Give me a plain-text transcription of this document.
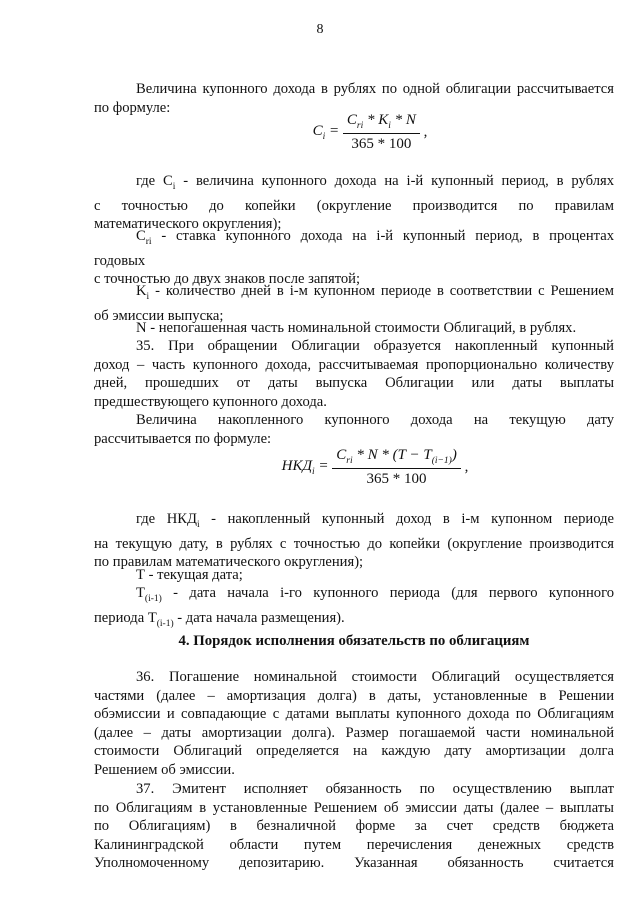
8

Величина купонного дохода в рублях по одной облигации рассчитывается

по формуле:

$C_i = \frac{C_{ri} * K_i * N}{365 * 100}$ ,

где $C_i$ - величина купонного дохода на i-й купонный период, в рублях

с точностью до копейки (округление производится по правилам

математического округления);

$C_{ri}$ - ставка купонного дохода на i-й купонный период, в процентах

годовых

с точностью до двух знаков после запятой;

$K_i$ - количество дней в i-м купонном периоде в соответствии с Решением

об эмиссии выпуска;

N - непогашенная часть номинальной стоимости Облигаций, в рублях.

35. При обращении Облигации образуется накопленный купонный

доход – часть купонного дохода, рассчитываемая пропорционально количеству

дней, прошедших от даты выпуска Облигации или даты выплаты

предшествующего купонного дохода.

Величина накопленного купонного дохода на текущую дату

рассчитывается по формуле:

$НКД_i = \frac{C_{ri} * N * (T - T_{(i-1)})}{365 * 100}$ ,

где $НКД_i$ - накопленный купонный доход в i-м купонном периоде

на текущую дату, в рублях с точностью до копейки (округление производится

по правилам математического округления);

Т - текущая дата;

$Т_{(i-1)}$ - дата начала i-го купонного периода (для первого купонного

периода $Т_{(i-1)}$ - дата начала размещения).

4. Порядок исполнения обязательств по облигациям

36. Погашение номинальной стоимости Облигаций осуществляется

частями (далее – амортизация долга) в даты, установленные в Решении

обэмиссии и совпадающие с датами выплаты купонного дохода по Облигациям

(далее – даты амортизации долга). Размер погашаемой части номинальной

стоимости Облигаций определяется на каждую дату амортизации долга

Решением об эмиссии.

37. Эмитент исполняет обязанность по осуществлению выплат

по Облигациям в установленные Решением об эмиссии даты (далее – выплаты

по Облигациям) в безналичной форме за счет средств бюджета

Калининградской области путем перечисления денежных средств

Уполномоченному депозитарию. Указанная обязанность считается
